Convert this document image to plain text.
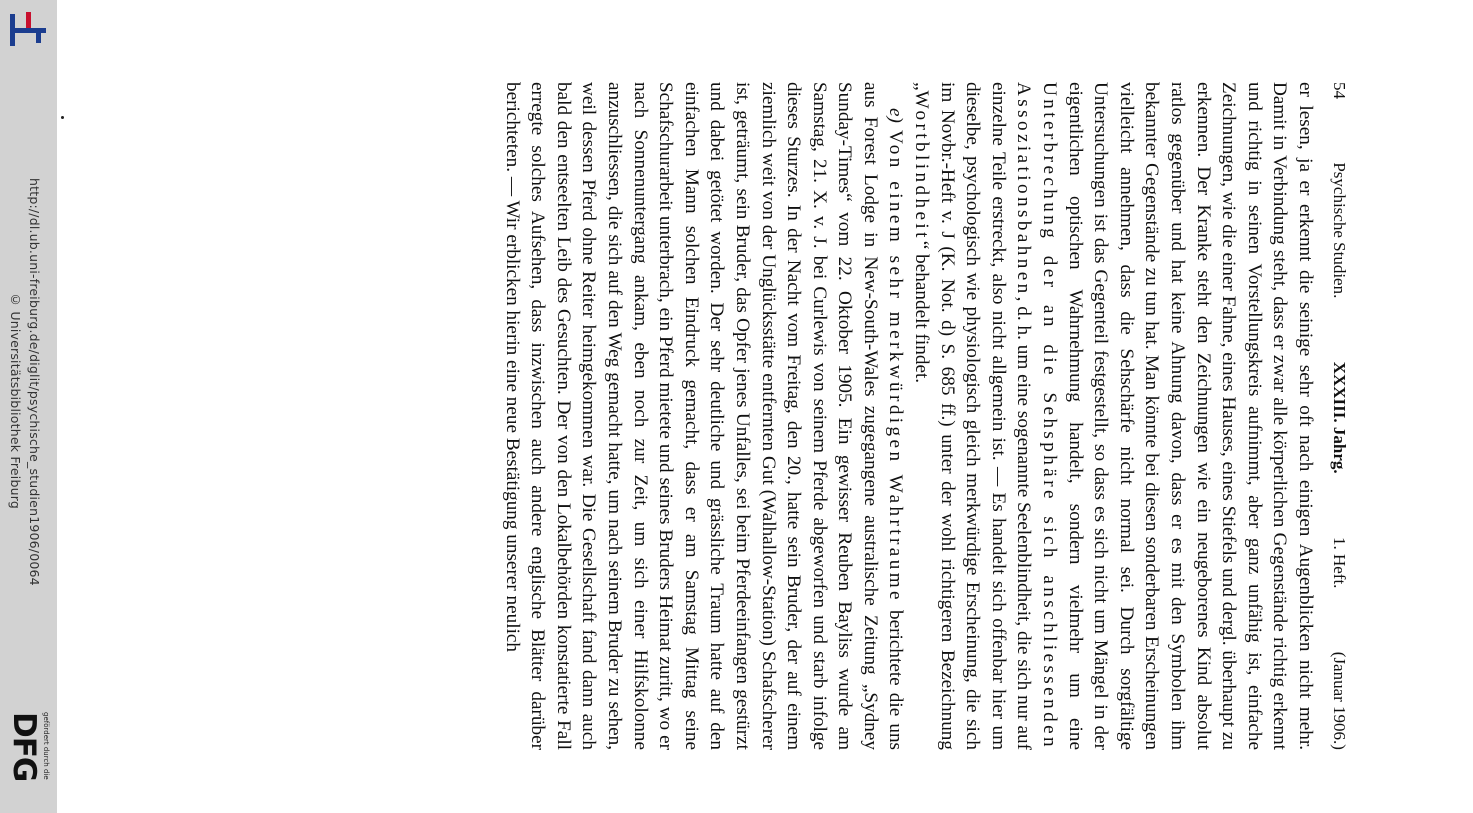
http://dl.ub.uni-freiburg.de/diglit/psychische_studien1906/0064
© Universitätsbibliothek Freiburg
gefördert durch die
DFG
54
Psychische Studien.
XXXIII. Jahrg.
1. Heft.
(Januar 1906.)

er lesen, ja er erkennt die seinige sehr oft nach einigen Augenblicken nicht mehr. Damit in Verbindung steht, dass er zwar alle körperlichen Gegenstände richtig erkennt und richtig in seinen Vorstellungskreis aufnimmt, aber ganz unfähig ist, einfache Zeichnungen, wie die einer Fahne, eines Hauses, eines Stiefels und dergl. überhaupt zu erkennen. Der Kranke steht den Zeichnungen wie ein neugeborenes Kind absolut ratlos gegenüber und hat keine Ahnung davon, dass er es mit den Symbolen ihm bekannter Gegenstände zu tun hat. Man könnte bei diesen sonderbaren Erscheinungen vielleicht annehmen, dass die Sehschärfe nicht normal sei. Durch sorgfältige Untersuchungen ist das Gegenteil festgestellt, so dass es sich nicht um Mängel in der eigentlichen optischen Wahrnehmung handelt, sondern vielmehr um eine Unterbrechung der an die Sehsphäre sich anschliessenden Assoziationsbahnen, d. h. um eine sogenannte Seelenblindheit, die sich nur auf einzelne Teile erstreckt, also nicht allgemein ist. — Es handelt sich offenbar hier um dieselbe, psychologisch wie physiologisch gleich merkwürdige Erscheinung, die sich im Novbr.-Heft v. J (K. Not. d) S. 685 ff.) unter der wohl richtigeren Bezeichnung „Wortblindheit“ behandelt findet.

e) Von einem sehr merkwürdigen Wahrtraume berichtete die uns aus Forest Lodge in New-South-Wales zugegangene australische Zeitung „Sydney Sunday-Times“ vom 22. Oktober 1905. Ein gewisser Reuben Bayliss wurde am Samstag, 21. X. v. J. bei Curlewis von seinem Pferde abgeworfen und starb infolge dieses Sturzes. In der Nacht vom Freitag, den 20., hatte sein Bruder, der auf einem ziemlich weit von der Unglücksstätte entfernten Gut (Walhallow-Station) Schafscherer ist, geträumt, sein Bruder, das Opfer jenes Unfalles, sei beim Pferdeeinfangen gestürzt und dabei getötet worden. Der sehr deutliche und grässliche Traum hatte auf den einfachen Mann solchen Eindruck gemacht, dass er am Samstag Mittag seine Schafschurarbeit unterbrach, ein Pferd mietete und seines Bruders Heimat zuritt, wo er nach Sonnenuntergang ankam, eben noch zur Zeit, um sich einer Hilfskolonne anzuschliessen, die sich auf den Weg gemacht hatte, um nach seinem Bruder zu sehen, weil dessen Pferd ohne Reiter heimgekommen war. Die Gesellschaft fand dann auch bald den entseelten Leib des Gesuchten. Der von den Lokalbehörden konstatierte Fall erregte solches Aufsehen, dass inzwischen auch andere englische Blätter darüber berichteten. — Wir erblicken hierin eine neue Bestätigung unserer neulich
